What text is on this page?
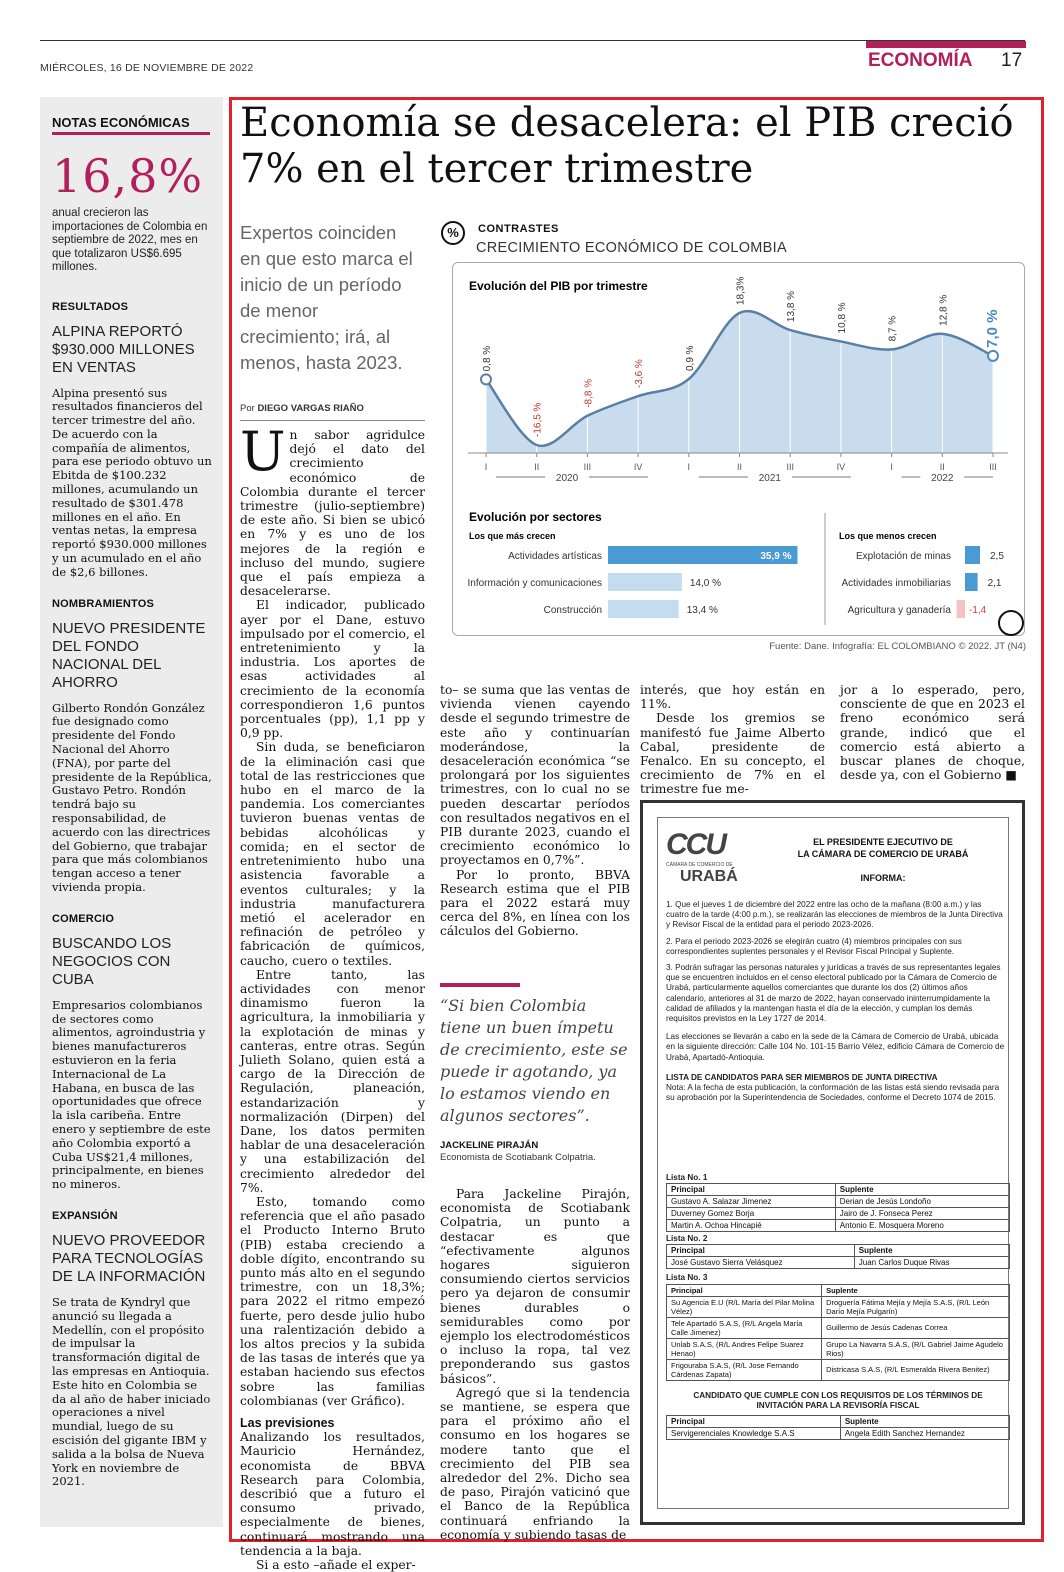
MIÉRCOLES, 16 DE NOVIEMBRE DE 2022	ECONOMÍA 17
NOTAS ECONÓMICAS
16,8%
anual crecieron las importaciones de Colombia en septiembre de 2022, mes en que totalizaron US$6.695 millones.
RESULTADOS
ALPINA REPORTÓ $930.000 MILLONES EN VENTAS
Alpina presentó sus resultados financieros del tercer trimestre del año. De acuerdo con la compañía de alimentos, para ese periodo obtuvo un Ebitda de $100.232 millones, acumulando un resultado de $301.478 millones en el año. En ventas netas, la empresa reportó $930.000 millones y un acumulado en el año de $2,6 billones.
NOMBRAMIENTOS
NUEVO PRESIDENTE DEL FONDO NACIONAL DEL AHORRO
Gilberto Rondón González fue designado como presidente del Fondo Nacional del Ahorro (FNA), por parte del presidente de la República, Gustavo Petro. Rondón tendrá bajo su responsabilidad, de acuerdo con las directrices del Gobierno, que trabajar para que más colombianos tengan acceso a tener vivienda propia.
COMERCIO
BUSCANDO LOS NEGOCIOS CON CUBA
Empresarios colombianos de sectores como alimentos, agroindustria y bienes manufactureros estuvieron en la feria Internacional de La Habana, en busca de las oportunidades que ofrece la isla caribeña. Entre enero y septiembre de este año Colombia exportó a Cuba US$21,4 millones, principalmente, en bienes no mineros.
EXPANSIÓN
NUEVO PROVEEDOR PARA TECNOLOGÍAS DE LA INFORMACIÓN
Se trata de Kyndryl que anunció su llegada a Medellín, con el propósito de impulsar la transformación digital de las empresas en Antioquia. Este hito en Colombia se da al año de haber iniciado operaciones a nivel mundial, luego de su escisión del gigante IBM y salida a la bolsa de Nueva York en noviembre de 2021.
Economía se desacelera: el PIB creció 7% en el tercer trimestre
Expertos coinciden en que esto marca el inicio de un período de menor crecimiento; irá, al menos, hasta 2023.
Por DIEGO VARGAS RIAÑO

Un sabor agridulce dejó el dato del crecimiento económico de Colombia durante el tercer trimestre (julio-septiembre) de este año. Si bien se ubicó en 7% y es uno de los mejores de la región e incluso del mundo, sugiere que el país empieza a desacelerarse.

El indicador, publicado ayer por el Dane, estuvo impulsado por el comercio, el entretenimiento y la industria. Los aportes de esas actividades al crecimiento de la economía correspondieron 1,6 puntos porcentuales (pp), 1,1 pp y 0,9 pp.

Sin duda, se beneficiaron de la eliminación casi que total de las restricciones que hubo en el marco de la pandemia. Los comerciantes tuvieron buenas ventas de bebidas alcohólicas y comida; en el sector de entretenimiento hubo una asistencia favorable a eventos culturales; y la industria manufacturera metió el acelerador en refinación de petróleo y fabricación de químicos, caucho, cuero o textiles.

Entre tanto, las actividades con menor dinamismo fueron la agricultura, la inmobiliaria y la explotación de minas y canteras, entre otras. Según Julieth Solano, quien está a cargo de la Dirección de Regulación, planeación, estandarización y normalización (Dirpen) del Dane, los datos permiten hablar de una desaceleración y una estabilización del crecimiento alrededor del 7%.

Esto, tomando como referencia que el año pasado el Producto Interno Bruto (PIB) estaba creciendo a doble dígito, encontrando su punto más alto en el segundo trimestre, con un 18,3%; para 2022 el ritmo empezó fuerte, pero desde julio hubo una ralentización debido a los altos precios y la subida de las tasas de interés que ya estaban haciendo sus efectos sobre las familias colombianas (ver Gráfico).

Las previsiones

Analizando los resultados, Mauricio Hernández, economista de BBVA Research para Colombia, describió que a futuro el consumo privado, especialmente de bienes, continuará mostrando una tendencia a la baja.

Si a esto –añade el exper-

to– se suma que las ventas de vivienda vienen cayendo desde el segundo trimestre de este año y continuarían moderándose, la desaceleración económica “se prolongará por los siguientes trimestres, con lo cual no se pueden descartar períodos con resultados negativos en el PIB durante 2023, cuando el crecimiento económico lo proyectamos en 0,7%”.

Por lo pronto, BBVA Research estima que el PIB para el 2022 estará muy cerca del 8%, en línea con los cálculos del Gobierno.

“Si bien Colombia tiene un buen ímpetu de crecimiento, este se puede ir agotando, ya lo estamos viendo en algunos sectores”.
JACKELINE PIRAJÁN
Economista de Scotiabank Colpatria.

Para Jackeline Pirajón, economista de Scotiabank Colpatria, un punto a destacar es que “efectivamente algunos hogares siguieron consumiendo ciertos servicios pero ya dejaron de consumir bienes durables o semidurables como por ejemplo los electrodomésticos o incluso la ropa, tal vez preponderando sus gastos básicos”.

Agregó que si la tendencia se mantiene, se espera que para el próximo año el consumo en los hogares se modere tanto que el crecimiento del PIB sea alrededor del 2%. Dicho sea de paso, Pirajón vaticinó que el Banco de la República continuará enfriando la economía y subiendo tasas de

interés, que hoy están en 11%.

Desde los gremios se manifestó fue Jaime Alberto Cabal, presidente de Fenalco. En su concepto, el crecimiento de 7% en el trimestre fue me-

jor a lo esperado, pero, consciente de que en 2023 el freno económico será grande, indicó que el comercio está abierto a buscar planes de choque, desde ya, con el Gobierno ■

%	CONTRASTES
CRECIMIENTO ECONÓMICO DE COLOMBIA
Evolución del PIB por trimestre
0,8 %
I
-16,5 %
II
-8,8 %
III
-3,6 %
IV
0,9 %
I
18,3%
II
13,8 %
III
10,8 %
IV
8,7 %
I
12,8 %
II
7,0 %
III
2020	2021	2022
Evolución por sectores
Los que más crecen	Los que menos crecen
Actividades artísticas	35,9 %
Información y comunicaciones	14,0 %
Construcción	13,4 %
Explotación de minas	2,5
Actividades inmobiliarias	2,1
Agricultura y ganadería -1,4
Fuente: Dane. Infografía: EL COLOMBIANO © 2022. JT (N4)
CCU
CÁMARA DE COMERCIO DE
URABÁ
EL PRESIDENTE EJECUTIVO DE
LA CÁMARA DE COMERCIO DE URABÁ
INFORMA:

1. Que el jueves 1 de diciembre del 2022 entre las ocho de la mañana (8:00 a.m.) y las cuatro de la tarde (4:00 p.m.), se realizarán las elecciones de miembros de la Junta Directiva y Revisor Fiscal de la entidad para el periodo 2023-2026.

2. Para el periodo 2023-2026 se elegirán cuatro (4) miembros principales con sus correspondientes suplentes personales y el Revisor Fiscal Principal y Suplente.

3. Podrán sufragar las personas naturales y jurídicas a través de sus representantes legales que se encuentren incluidos en el censo electoral publicado por la Cámara de Comercio de Urabá, particularmente aquellos comerciantes que durante los dos (2) últimos años calendario, anteriores al 31 de marzo de 2022, hayan conservado ininterrumpidamente la calidad de afiliados y la mantengan hasta el día de la elección, y cumplan los demás requisitos previstos en la Ley 1727 de 2014.

Las elecciones se llevarán a cabo en la sede de la Cámara de Comercio de Urabá, ubicada en la siguiente dirección: Calle 104 No. 101-15 Barrio Vélez, edificio Cámara de Comercio de Urabá, Apartadó-Antioquia.

LISTA DE CANDIDATOS PARA SER MIEMBROS DE JUNTA DIRECTIVA

Nota: A la fecha de esta publicación, la conformación de las listas está siendo revisada para su aprobación por la Superintendencia de Sociedades, conforme el Decreto 1074 de 2015.

Lista No. 1
Principal	Suplente
Gustavo A. Salazar Jimenez	Derian de Jesús Londoño
Duverney Gomez Borja	Jairo de J. Fonseca Perez
Martin A. Ochoa Hincapié	Antonio E. Mosquera Moreno
Lista No. 2
Principal	Suplente
José Gustavo Sierra Velásquez	Juan Carlos Duque Rivas
Lista No. 3
Principal	Suplente
Su Agencia E.U (R/L María del Pilar Molina Vélez)	Droguería Fátima Mejía y Mejía S.A.S, (R/L León Darío Mejía Pulgarín)
Tele Apartadó S.A.S, (R/L Angela María Calle Jimenez)	Guillermo de Jesús Cadenas Correa
Unlab S.A.S, (R/L Andres Felipe Suarez Henao)	Grupo La Navarra S.A.S, (R/L Gabriel Jaime Agudelo Rios)
Frigouraba S.A.S, (R/L Jose Fernando Cárdenas Zapata)	Districasa S.A.S, (R/L Esmeralda Rivera Benitez)
CANDIDATO QUE CUMPLE CON LOS REQUISITOS DE LOS TÉRMINOS DE INVITACIÓN PARA LA REVISORÍA FISCAL
Principal	Suplente
Servigerenciales Knowledge S.A.S	Angela Edith Sanchez Hernandez
